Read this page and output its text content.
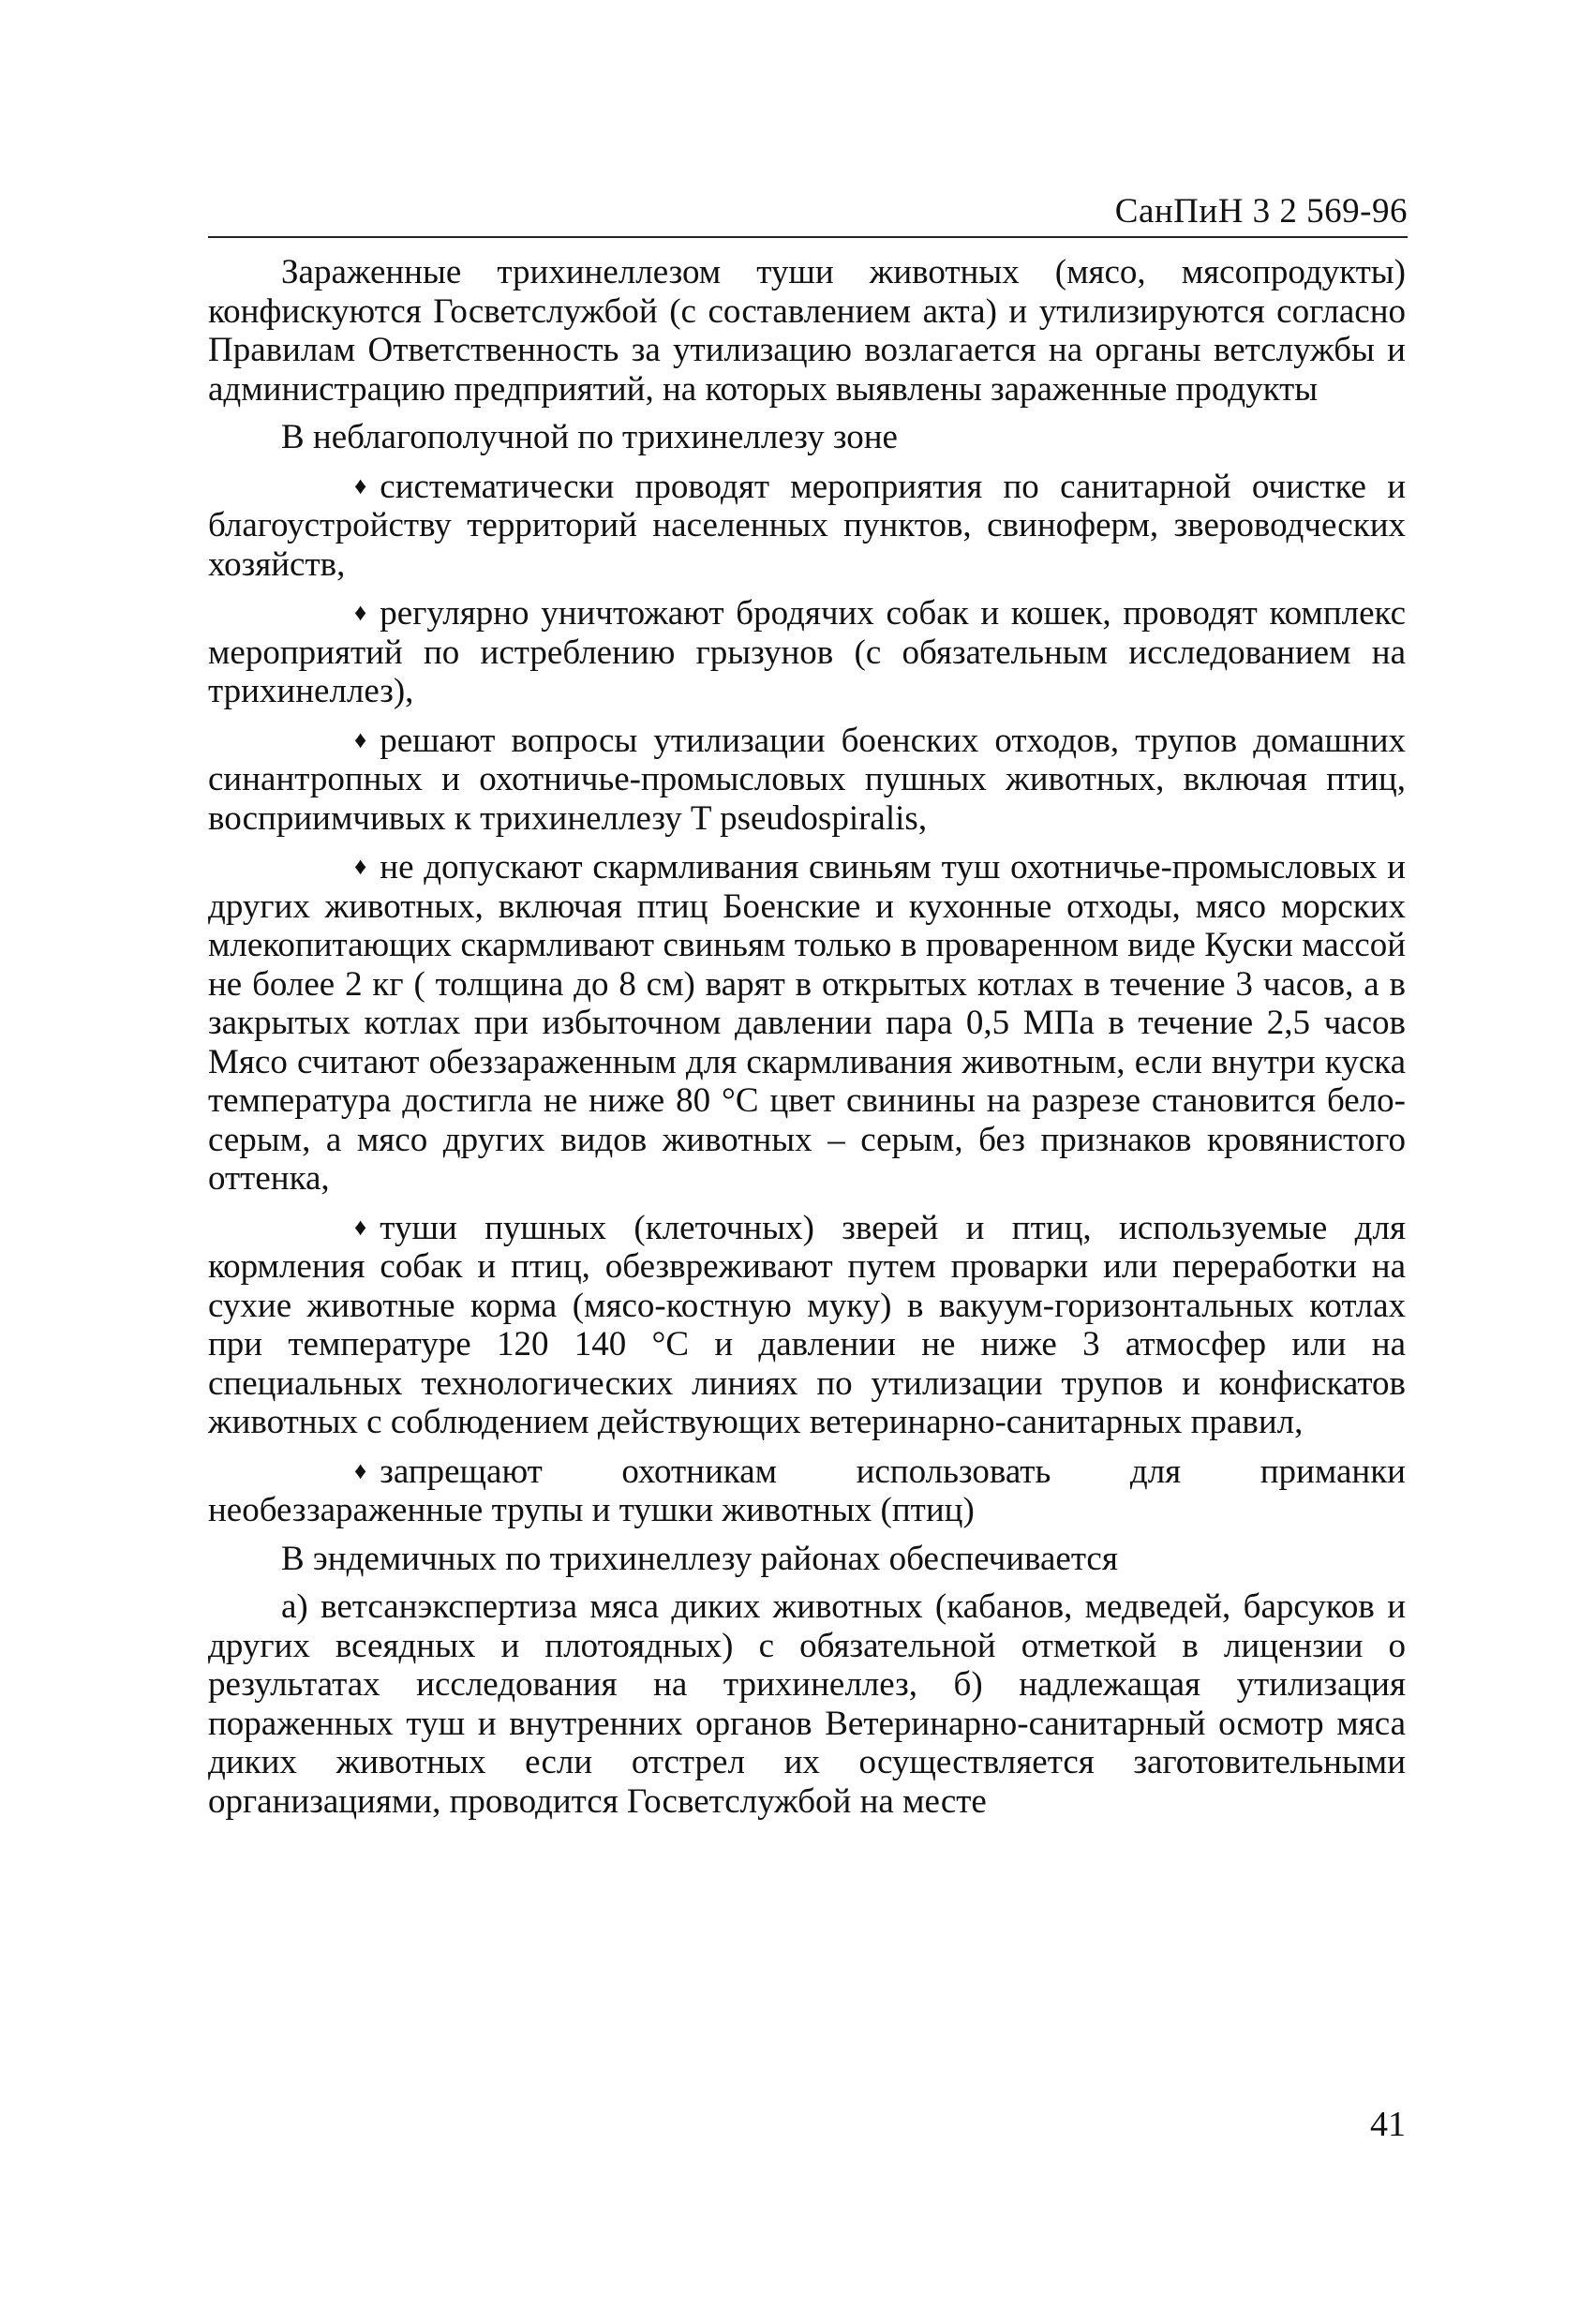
СанПиН 3 2 569-96

Зараженные трихинеллезом туши животных (мясо, мясопродукты) конфискуются Госветслужбой (с составлением акта) и утилизируются согласно Правилам Ответственность за утилизацию возлагается на органы ветслужбы и администрацию предприятий, на которых выявлены зараженные продукты

В неблагополучной по трихинеллезу зоне

♦ систематически проводят мероприятия по санитарной очистке и благоустройству территорий населенных пунктов, свиноферм, звероводческих хозяйств,

♦ регулярно уничтожают бродячих собак и кошек, проводят комплекс мероприятий по истреблению грызунов (с обязательным исследованием на трихинеллез),

♦ решают вопросы утилизации боенских отходов, трупов домашних синантропных и охотничье-промысловых пушных животных, включая птиц, восприимчивых к трихинеллезу T pseudospiralis,

♦ не допускают скармливания свиньям туш охотничье-промысловых и других животных, включая птиц Боенские и кухонные отходы, мясо морских млекопитающих скармливают свиньям только в проваренном виде Куски массой не более 2 кг ( толщина до 8 см) варят в открытых котлах в течение 3 часов, а в закрытых котлах при избыточном давлении пара 0,5 МПа в течение 2,5 часов Мясо считают обеззараженным для скармливания животным, если внутри куска температура достигла не ниже 80 °С цвет свинины на разрезе становится бело-серым, а мясо других видов животных – серым, без признаков кровянистого оттенка,

♦ туши пушных (клеточных) зверей и птиц, используемые для кормления собак и птиц, обезвреживают путем проварки или переработки на сухие животные корма (мясо-костную муку) в вакуум-горизонтальных котлах при температуре 120 140 °С и давлении не ниже 3 атмосфер или на специальных технологических линиях по утилизации трупов и конфискатов животных с соблюдением действующих ветеринарно-санитарных правил,

♦ запрещают охотникам использовать для приманки необеззараженные трупы и тушки животных (птиц)

В эндемичных по трихинеллезу районах обеспечивается

а) ветсанэкспертиза мяса диких животных (кабанов, медведей, барсуков и других всеядных и плотоядных) с обязательной отметкой в лицензии о результатах исследования на трихинеллез, б) надлежащая утилизация пораженных туш и внутренних органов Ветеринарно-санитарный осмотр мяса диких животных если отстрел их осуществляется заготовительными организациями, проводится Госветслужбой на месте

41
